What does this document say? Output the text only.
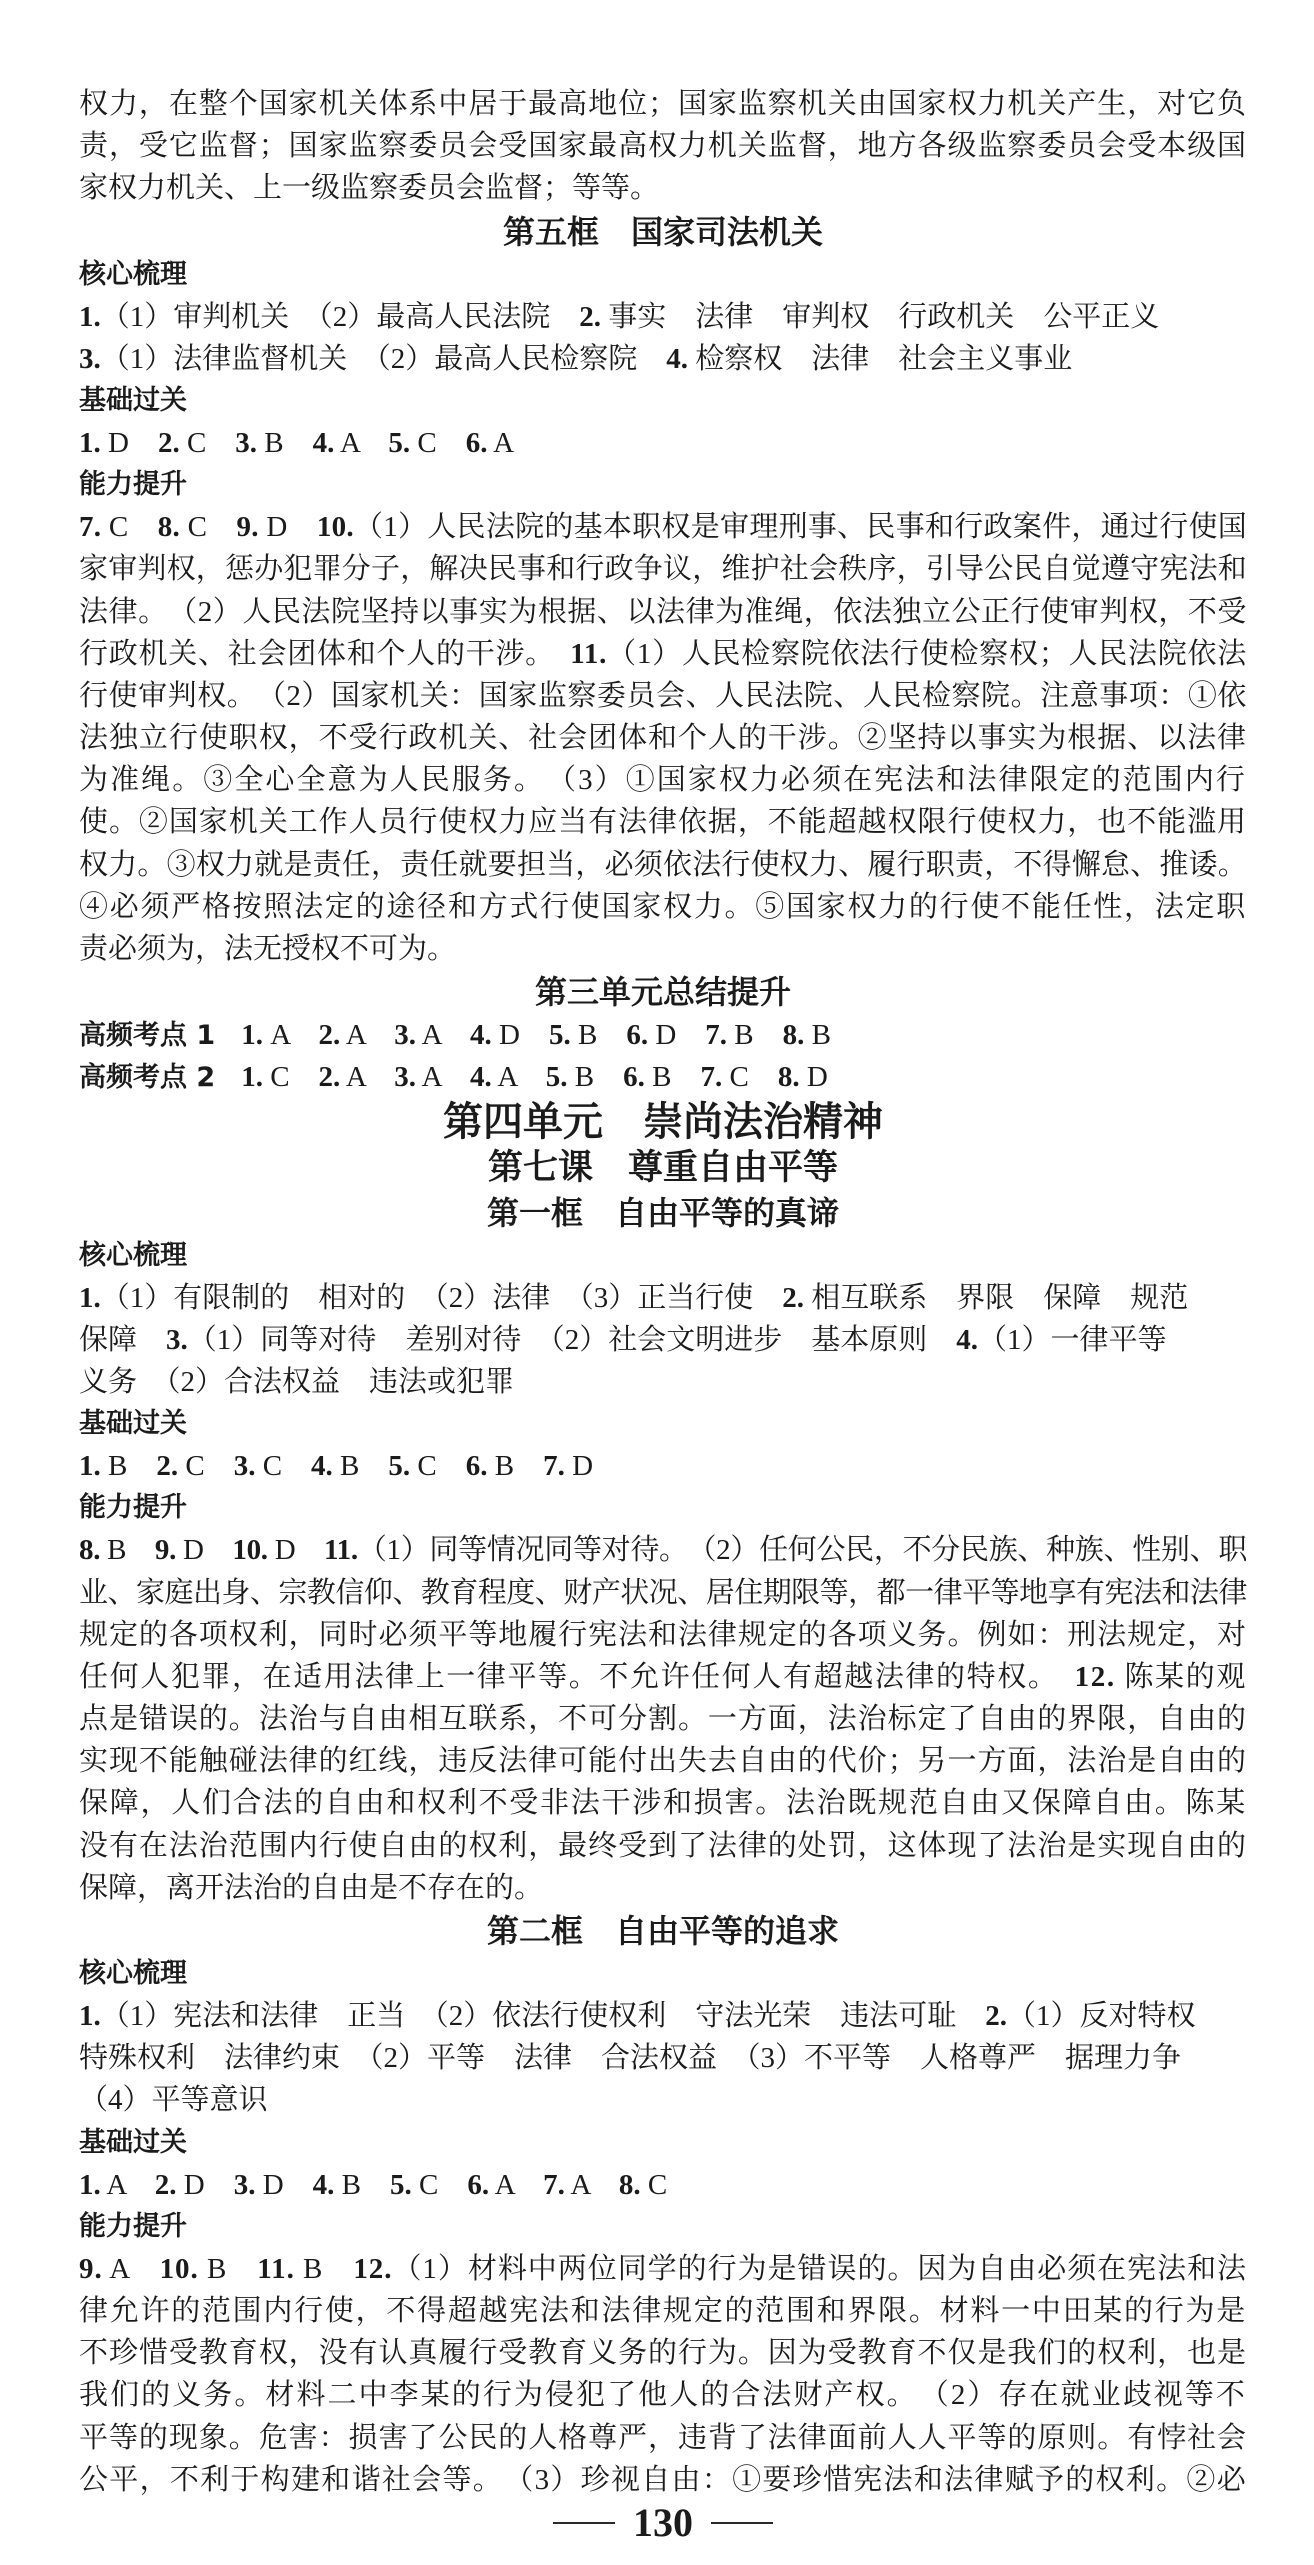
权力，在整个国家机关体系中居于最高地位；国家监察机关由国家权力机关产生，对它负
责，受它监督；国家监察委员会受国家最高权力机关监督，地方各级监察委员会受本级国
家权力机关、上一级监察委员会监督；等等。
第五框　国家司法机关
核心梳理
1.（1）审判机关　（2）最高人民法院　2. 事实　法律　审判权　行政机关　公平正义
3.（1）法律监督机关　（2）最高人民检察院　4. 检察权　法律　社会主义事业
基础过关
1. D　2. C　3. B　4. A　5. C　6. A
能力提升
7. C　8. C　9. D　10.（1）人民法院的基本职权是审理刑事、民事和行政案件，通过行使国
家审判权，惩办犯罪分子，解决民事和行政争议，维护社会秩序，引导公民自觉遵守宪法和
法律。　（2）人民法院坚持以事实为根据、以法律为准绳，依法独立公正行使审判权，不受
行政机关、社会团体和个人的干涉。　11.（1）人民检察院依法行使检察权；人民法院依法
行使审判权。　（2）国家机关：国家监察委员会、人民法院、人民检察院。注意事项：①依
法独立行使职权，不受行政机关、社会团体和个人的干涉。②坚持以事实为根据、以法律
为准绳。③全心全意为人民服务。　（3）①国家权力必须在宪法和法律限定的范围内行
使。②国家机关工作人员行使权力应当有法律依据，不能超越权限行使权力，也不能滥用
权力。③权力就是责任，责任就要担当，必须依法行使权力、履行职责，不得懈怠、推诿。
④必须严格按照法定的途径和方式行使国家权力。⑤国家权力的行使不能任性，法定职
责必须为，法无授权不可为。
第三单元总结提升
高频考点 1 1. A　2. A　3. A　4. D　5. B　6. D　7. B　8. B
高频考点 2 1. C　2. A　3. A　4. A　5. B　6. B　7. C　8. D
第四单元　崇尚法治精神
第七课　尊重自由平等
第一框　自由平等的真谛
核心梳理
1.（1）有限制的　相对的　（2）法律　（3）正当行使　2. 相互联系　界限　保障　规范
保障　3.（1）同等对待　差别对待　（2）社会文明进步　基本原则　4.（1）一律平等
义务　（2）合法权益　违法或犯罪
基础过关
1. B　2. C　3. C　4. B　5. C　6. B　7. D
能力提升
8. B　9. D　10. D　11.（1）同等情况同等对待。　（2）任何公民，不分民族、种族、性别、职
业、家庭出身、宗教信仰、教育程度、财产状况、居住期限等，都一律平等地享有宪法和法律
规定的各项权利，同时必须平等地履行宪法和法律规定的各项义务。例如：刑法规定，对
任何人犯罪，在适用法律上一律平等。不允许任何人有超越法律的特权。　12. 陈某的观
点是错误的。法治与自由相互联系，不可分割。一方面，法治标定了自由的界限，自由的
实现不能触碰法律的红线，违反法律可能付出失去自由的代价；另一方面，法治是自由的
保障，人们合法的自由和权利不受非法干涉和损害。法治既规范自由又保障自由。陈某
没有在法治范围内行使自由的权利，最终受到了法律的处罚，这体现了法治是实现自由的
保障，离开法治的自由是不存在的。
第二框　自由平等的追求
核心梳理
1.（1）宪法和法律　正当　（2）依法行使权利　守法光荣　违法可耻　2.（1）反对特权
特殊权利　法律约束　（2）平等　法律　合法权益　（3）不平等　人格尊严　据理力争
（4）平等意识
基础过关
1. A　2. D　3. D　4. B　5. C　6. A　7. A　8. C
能力提升
9. A　10. B　11. B　12.（1）材料中两位同学的行为是错误的。因为自由必须在宪法和法
律允许的范围内行使，不得超越宪法和法律规定的范围和界限。材料一中田某的行为是
不珍惜受教育权，没有认真履行受教育义务的行为。因为受教育不仅是我们的权利，也是
我们的义务。材料二中李某的行为侵犯了他人的合法财产权。　（2）存在就业歧视等不
平等的现象。危害：损害了公民的人格尊严，违背了法律面前人人平等的原则。有悖社会
公平，不利于构建和谐社会等。　（3）珍视自由：①要珍惜宪法和法律赋予的权利。②必
130
